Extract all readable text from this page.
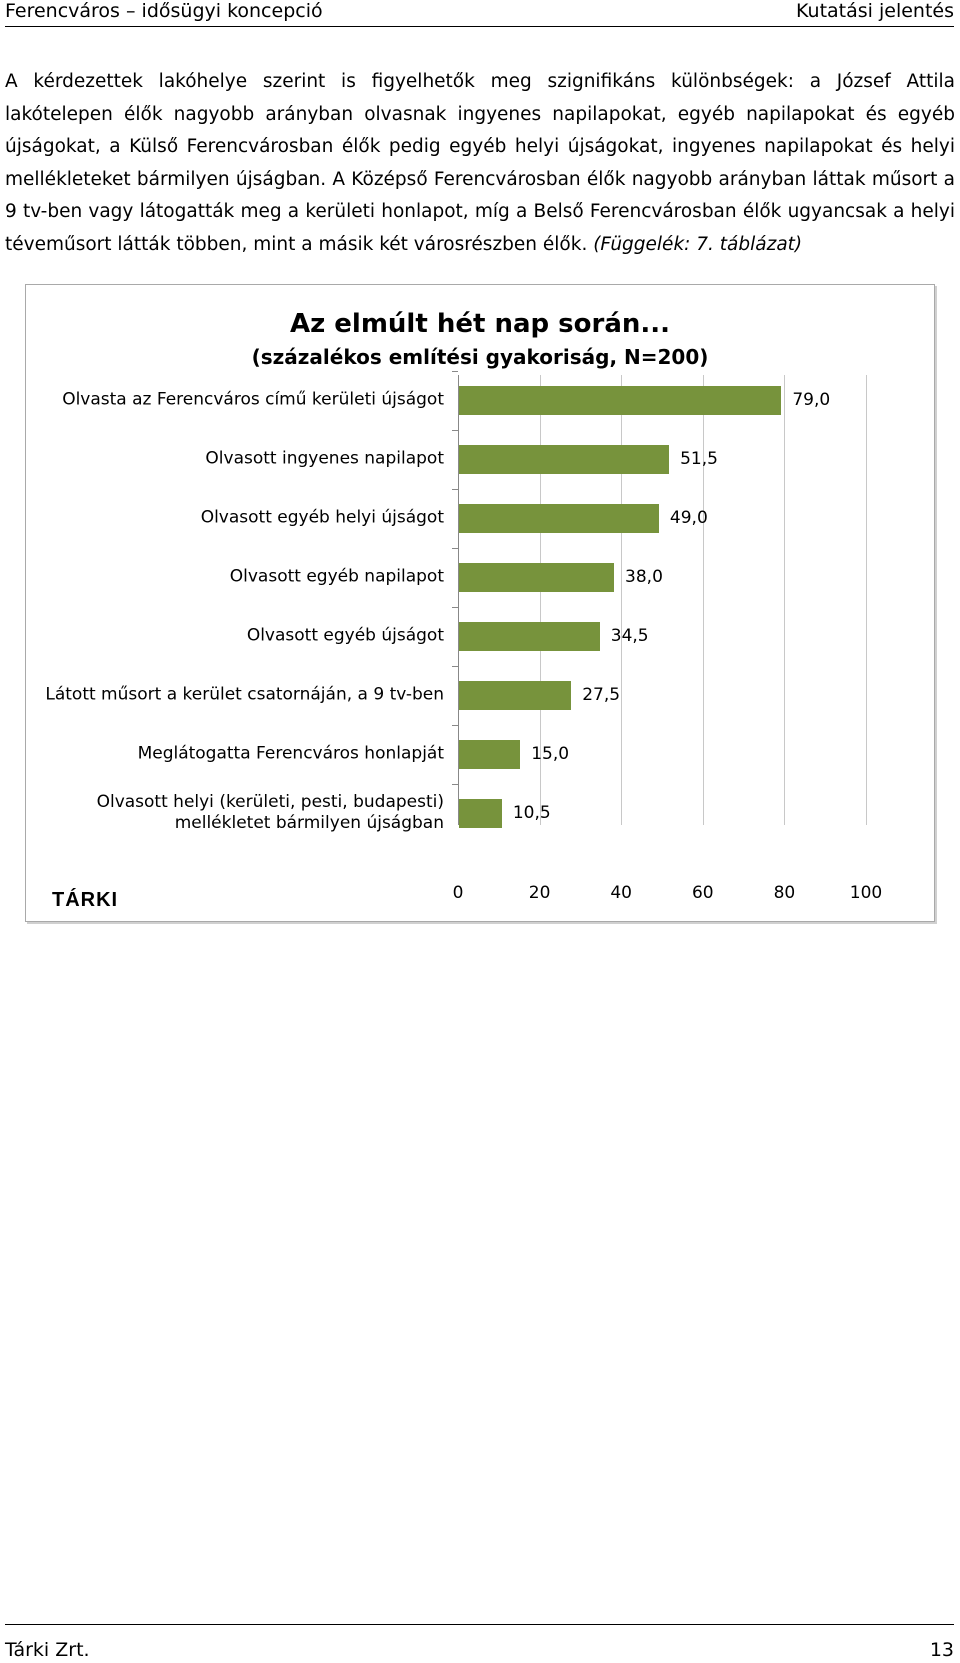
Ferencváros – idősügyi koncepció	Kutatási jelentés

A kérdezettek lakóhelye szerint is figyelhetők meg szignifikáns különbségek: a József Attila lakótelepen élők nagyobb arányban olvasnak ingyenes napilapokat, egyéb napilapokat és egyéb újságokat, a Külső Ferencvárosban élők pedig egyéb helyi újságokat, ingyenes napilapokat és helyi mellékleteket bármilyen újságban. A Középső Ferencvárosban élők nagyobb arányban láttak műsort a 9 tv-ben vagy látogatták meg a kerületi honlapot, míg a Belső Ferencvárosban élők ugyancsak a helyi téveműsort látták többen, mint a másik két városrészben élők. (Függelék: 7. táblázat)

Az elmúlt hét nap során...
(százalékos említési gyakoriság, N=200)
TÁRKI	0	20	40	60	80	100
Olvasta az Ferencváros című kerületi újságot	79,0
Olvasott ingyenes napilapot	51,5
Olvasott egyéb helyi újságot	49,0
Olvasott egyéb napilapot	38,0
Olvasott egyéb újságot	34,5
Látott műsort a kerület csatornáján, a 9 tv-ben	27,5
Meglátogatta Ferencváros honlapját	15,0
Olvasott helyi (kerületi, pesti, budapesti) mellékletet bármilyen újságban	10,5
Tárki Zrt.	13
